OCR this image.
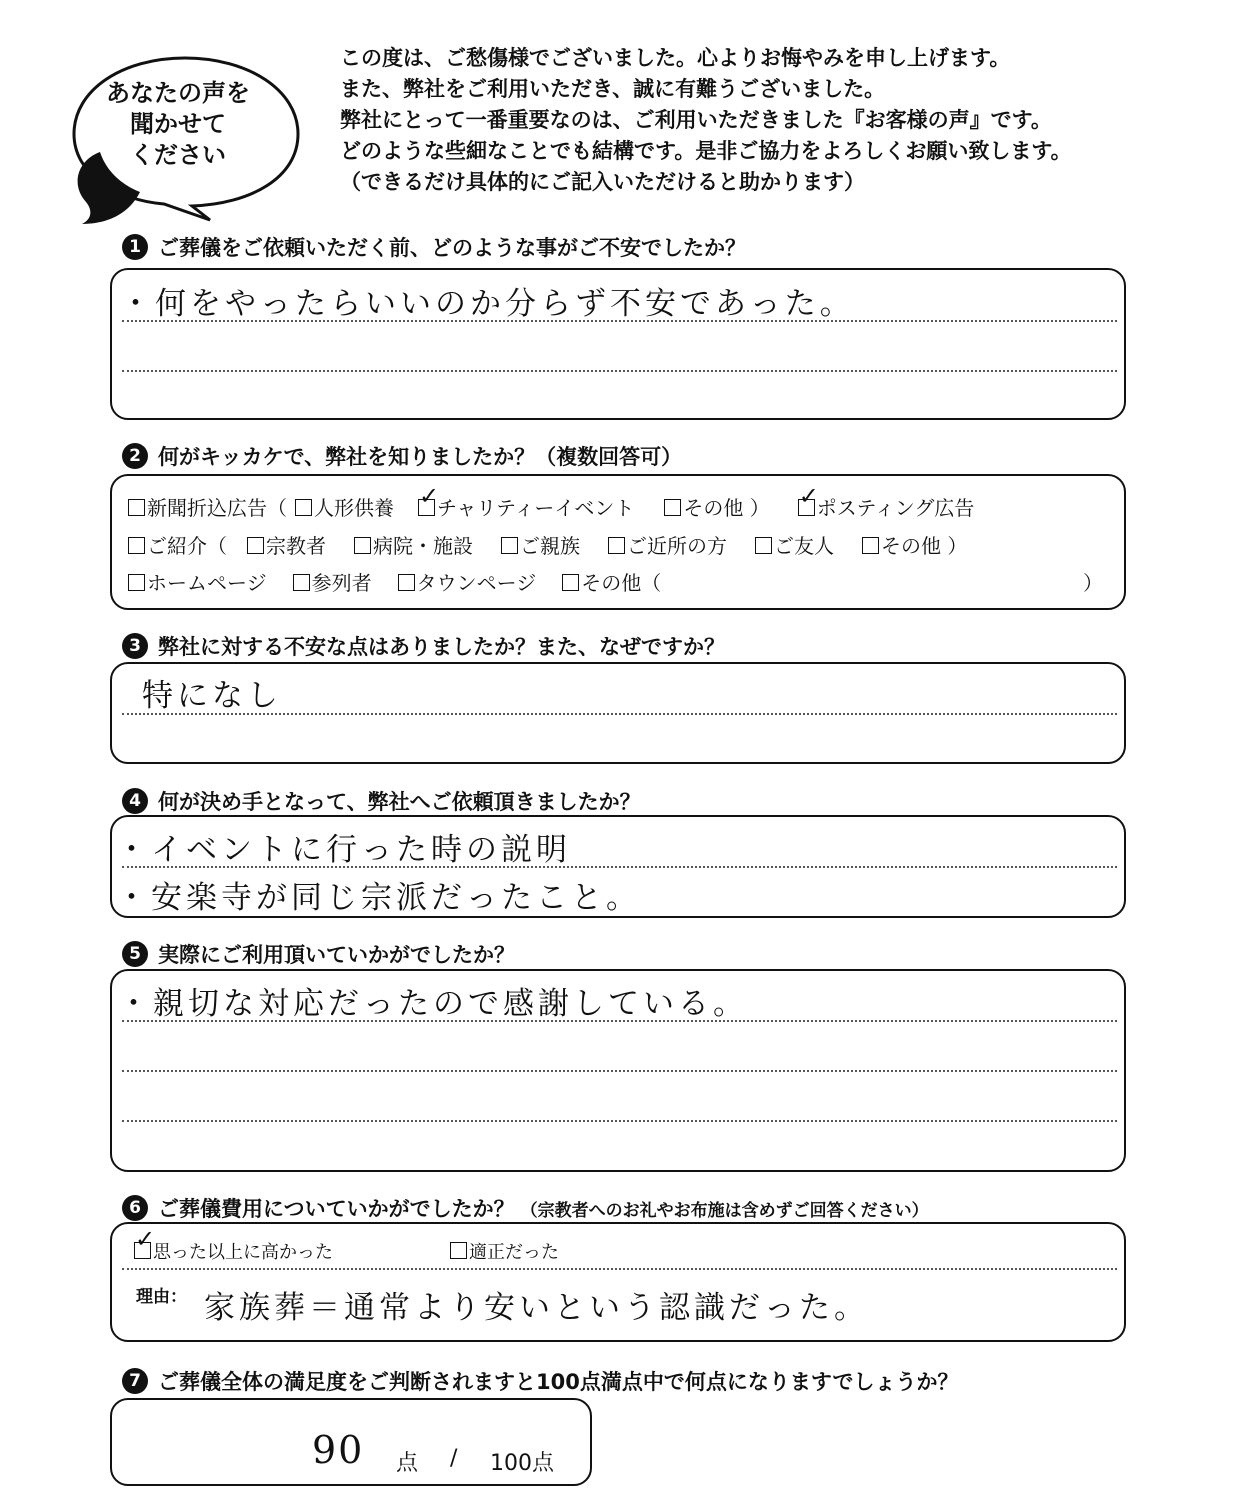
あなたの声を
聞かせて
ください

この度は、ご愁傷様でございました。心よりお悔やみを申し上げます。

また、弊社をご利用いただき、誠に有難うございました。

弊社にとって一番重要なのは、ご利用いただきました『お客様の声』です。

どのような些細なことでも結構です。是非ご協力をよろしくお願い致します。

（できるだけ具体的にご記入いただけると助かります）

1 ご葬儀をご依頼いただく前、どのような事がご不安でしたか？
・何をやったらいいのか分らず不安であった。
2 何がキッカケで、弊社を知りましたか？（複数回答可）
新聞折込広告（	人形供養 ✓	チャリティーイベント	その他 ） ✓	ポスティング広告
ご紹介（	宗教者	病院・施設	ご親族	ご近所の方	ご友人	その他 ）
ホームページ	参列者	タウンページ	その他（	）
3 弊社に対する不安な点はありましたか？また、なぜですか？
特になし
4 何が決め手となって、弊社へご依頼頂きましたか？
・イベントに行った時の説明
・安楽寺が同じ宗派だったこと。
5 実際にご利用頂いていかがでしたか？
・親切な対応だったので感謝している。
6 ご葬儀費用についていかがでしたか？ （宗教者へのお礼やお布施は含めずご回答ください）
✓思った以上に高かった	適正だった
理由： 家族葬＝通常より安いという認識だった。
7 ご葬儀全体の満足度をご判断されますと100点満点中で何点になりますでしょうか？
90 点 / 100点
